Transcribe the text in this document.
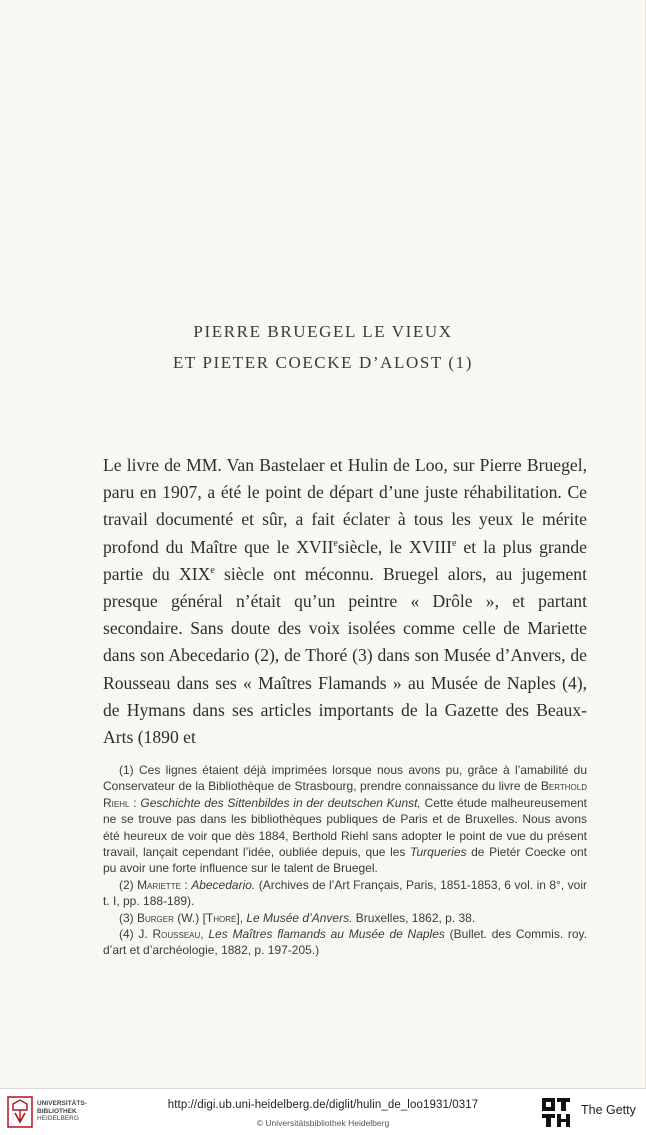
PIERRE BRUEGEL LE VIEUX
ET PIETER COECKE D’ALOST (1)

Le livre de MM. Van Bastelaer et Hulin de Loo, sur Pierre Bruegel, paru en 1907, a été le point de départ d’une juste réhabilitation. Ce travail documenté et sûr, a fait éclater à tous les yeux le mérite profond du Maître que le XVIIesiècle, le XVIIIe et la plus grande partie du XIXe siècle ont méconnu. Bruegel alors, au jugement presque général n’était qu’un peintre « Drôle », et partant secondaire. Sans doute des voix isolées comme celle de Mariette dans son Abecedario (2), de Thoré (3) dans son Musée d’Anvers, de Rousseau dans ses « Maîtres Flamands » au Musée de Naples (4), de Hymans dans ses articles importants de la Gazette des Beaux-Arts (1890 et

(1) Ces lignes étaient déjà imprimées lorsque nous avons pu, grâce à l’amabilité du Conservateur de la Bibliothèque de Strasbourg, prendre connaissance du livre de Berthold Riehl : Geschichte des Sittenbildes in der deutschen Kunst, Cette étude malheureusement ne se trouve pas dans les bibliothèques publiques de Paris et de Bruxelles. Nous avons été heureux de voir que dès 1884, Berthold Riehl sans adopter le point de vue du présent travail, lançait cependant l’idée, oubliée depuis, que les Turqueries de Pietér Coecke ont pu avoir une forte influence sur le talent de Bruegel.

(2) Mariette : Abecedario. (Archives de l’Art Français, Paris, 1851-1853, 6 vol. in 8°, voir t. I, pp. 188-189).

(3) Burger (W.) [Thoré], Le Musée d’Anvers. Bruxelles, 1862, p. 38.

(4) J. Rousseau, Les Maîtres flamands au Musée de Naples (Bullet. des Commis. roy. d’art et d’archéologie, 1882, p. 197-205.)

UNIVERSITÄTS-
BIBLIOTHEK
HEIDELBERG
http://digi.ub.uni-heidelberg.de/diglit/hulin_de_loo1931/0317
© Universitätsbibliothek Heidelberg
The Getty
